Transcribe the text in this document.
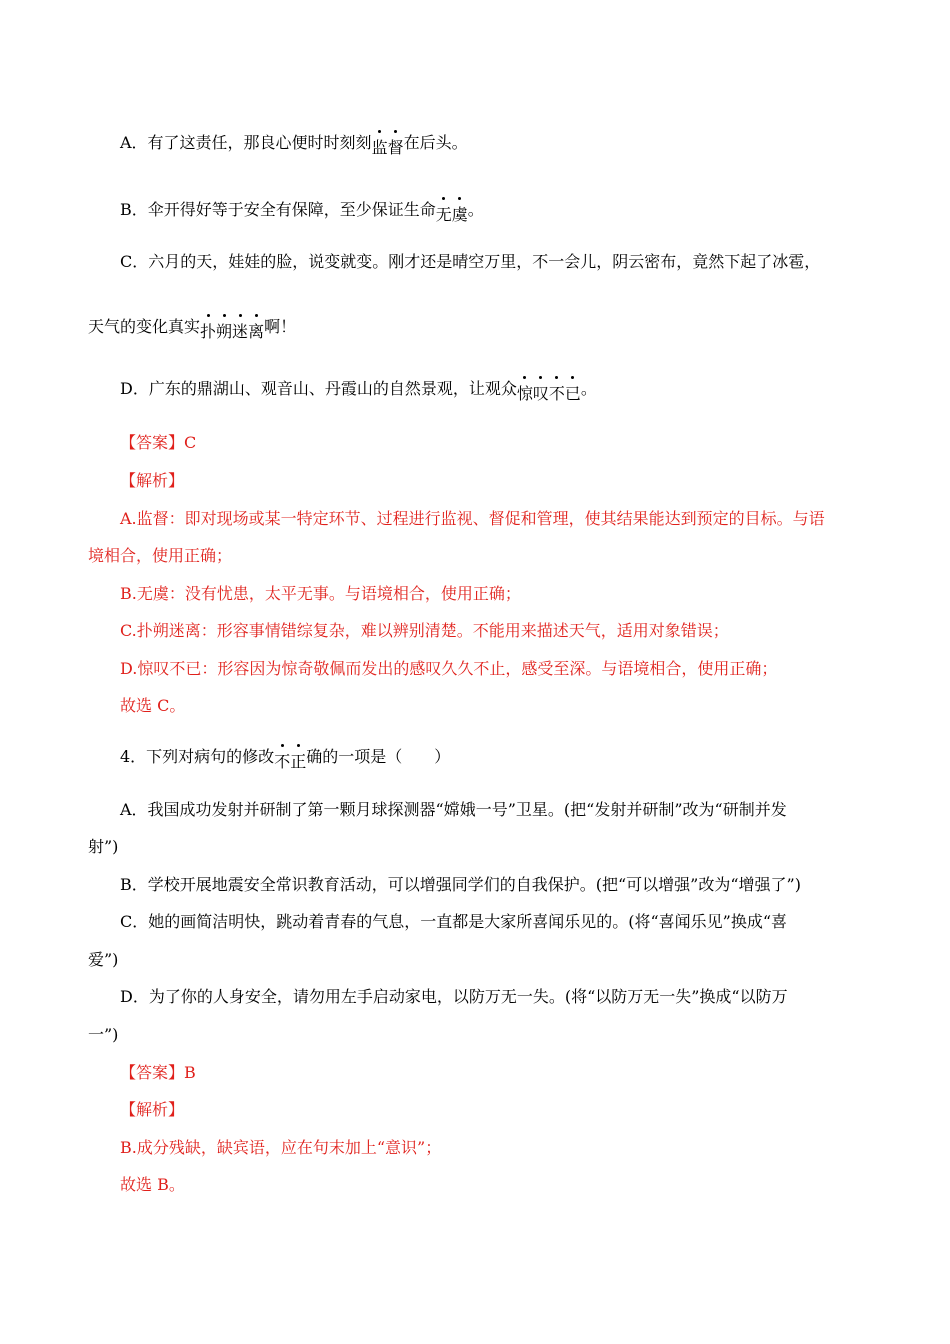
A．有了这责任，那良心便时时刻刻监督在后头。
B．伞开得好等于安全有保障，至少保证生命无虞。
C．六月的天，娃娃的脸，说变就变。刚才还是晴空万里，不一会儿，阴云密布，竟然下起了冰雹，
天气的变化真实扑朔迷离啊！
D．广东的鼎湖山、观音山、丹霞山的自然景观，让观众惊叹不已。
【答案】C
【解析】
A.监督：即对现场或某一特定环节、过程进行监视、督促和管理，使其结果能达到预定的目标。与语
境相合，使用正确；
B.无虞：没有忧患，太平无事。与语境相合，使用正确；
C.扑朔迷离：形容事情错综复杂，难以辨别清楚。不能用来描述天气，适用对象错误；
D.惊叹不已：形容因为惊奇敬佩而发出的感叹久久不止，感受至深。与语境相合，使用正确；
故选 C。
4．下列对病句的修改不正确的一项是（　　）
A．我国成功发射并研制了第一颗月球探测器“嫦娥一号”卫星。(把“发射并研制”改为“研制并发
射”)
B．学校开展地震安全常识教育活动，可以增强同学们的自我保护。(把“可以增强”改为“增强了”)
C．她的画简洁明快，跳动着青春的气息，一直都是大家所喜闻乐见的。(将“喜闻乐见”换成“喜
爱”)
D．为了你的人身安全，请勿用左手启动家电，以防万无一失。(将“以防万无一失”换成“以防万
一”)
【答案】B
【解析】
B.成分残缺，缺宾语，应在句末加上“意识”；
故选 B。
